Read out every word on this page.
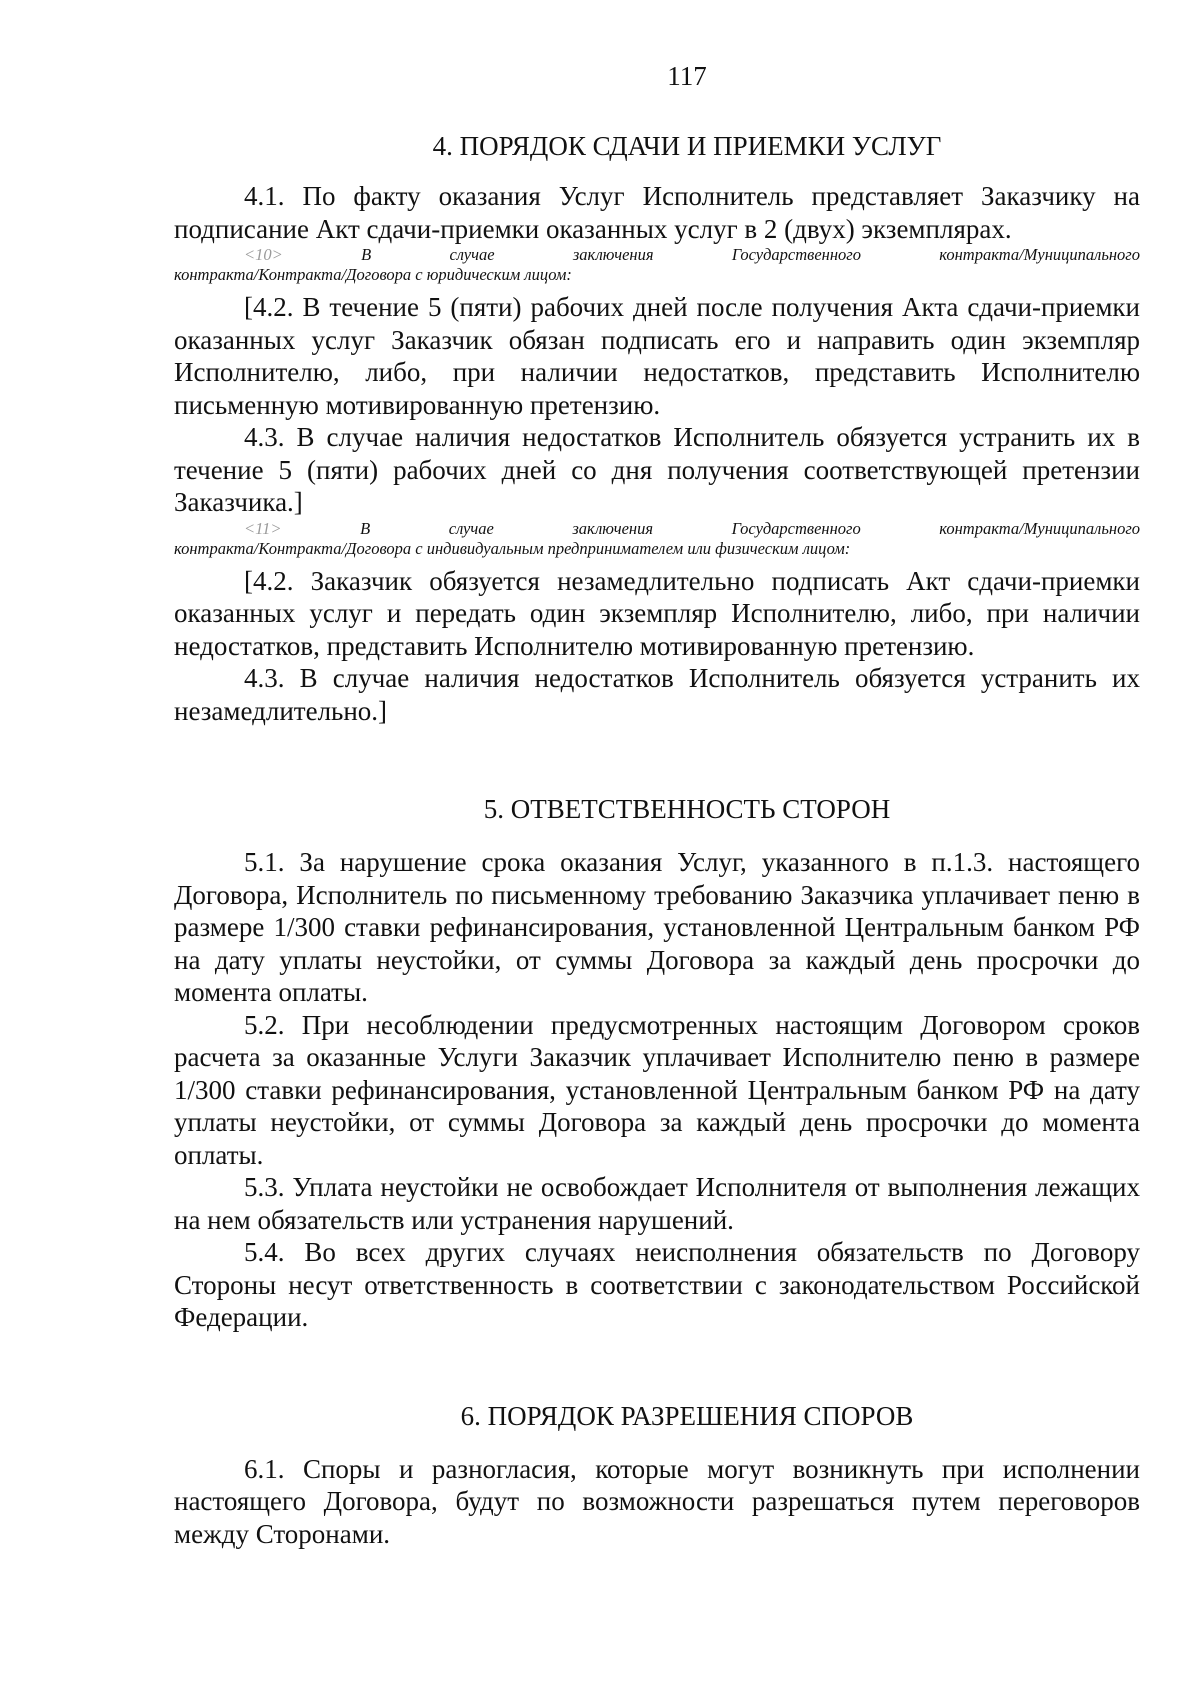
117
4. ПОРЯДОК СДАЧИ И ПРИЕМКИ УСЛУГ

4.1. По факту оказания Услуг Исполнитель представляет Заказчику на подписание Акт сдачи-приемки оказанных услуг в 2 (двух) экземплярах.

<10>	В случае заключения Государственного контракта/Муниципального

контракта/Контракта/Договора с юридическим лицом:

[4.2. В течение 5 (пяти) рабочих дней после получения Акта сдачи-приемки оказанных услуг Заказчик обязан подписать его и направить один экземпляр Исполнителю, либо, при наличии недостатков, представить Исполнителю письменную мотивированную претензию.

4.3. В случае наличия недостатков Исполнитель обязуется устранить их в течение 5 (пяти) рабочих дней со дня получения соответствующей претензии Заказчика.]

<11>	В случае заключения Государственного контракта/Муниципального

контракта/Контракта/Договора с индивидуальным предпринимателем или физическим лицом:

[4.2. Заказчик обязуется незамедлительно подписать Акт сдачи-приемки оказанных услуг и передать один экземпляр Исполнителю, либо, при наличии недостатков, представить Исполнителю мотивированную претензию.

4.3. В случае наличия недостатков Исполнитель обязуется устранить их незамедлительно.]

5. ОТВЕТСТВЕННОСТЬ СТОРОН

5.1. За нарушение срока оказания Услуг, указанного в п.1.3. настоящего Договора, Исполнитель по письменному требованию Заказчика уплачивает пеню в размере 1/300 ставки рефинансирования, установленной Центральным банком РФ на дату уплаты неустойки, от суммы Договора за каждый день просрочки до момента оплаты.

5.2. При несоблюдении предусмотренных настоящим Договором сроков расчета за оказанные Услуги Заказчик уплачивает Исполнителю пеню в размере 1/300 ставки рефинансирования, установленной Центральным банком РФ на дату уплаты неустойки, от суммы Договора за каждый день просрочки до момента оплаты.

5.3. Уплата неустойки не освобождает Исполнителя от выполнения лежащих на нем обязательств или устранения нарушений.

5.4. Во всех других случаях неисполнения обязательств по Договору Стороны несут ответственность в соответствии с законодательством Российской Федерации.

6. ПОРЯДОК РАЗРЕШЕНИЯ СПОРОВ

6.1. Споры и разногласия, которые могут возникнуть при исполнении настоящего Договора, будут по возможности разрешаться путем переговоров между Сторонами.
